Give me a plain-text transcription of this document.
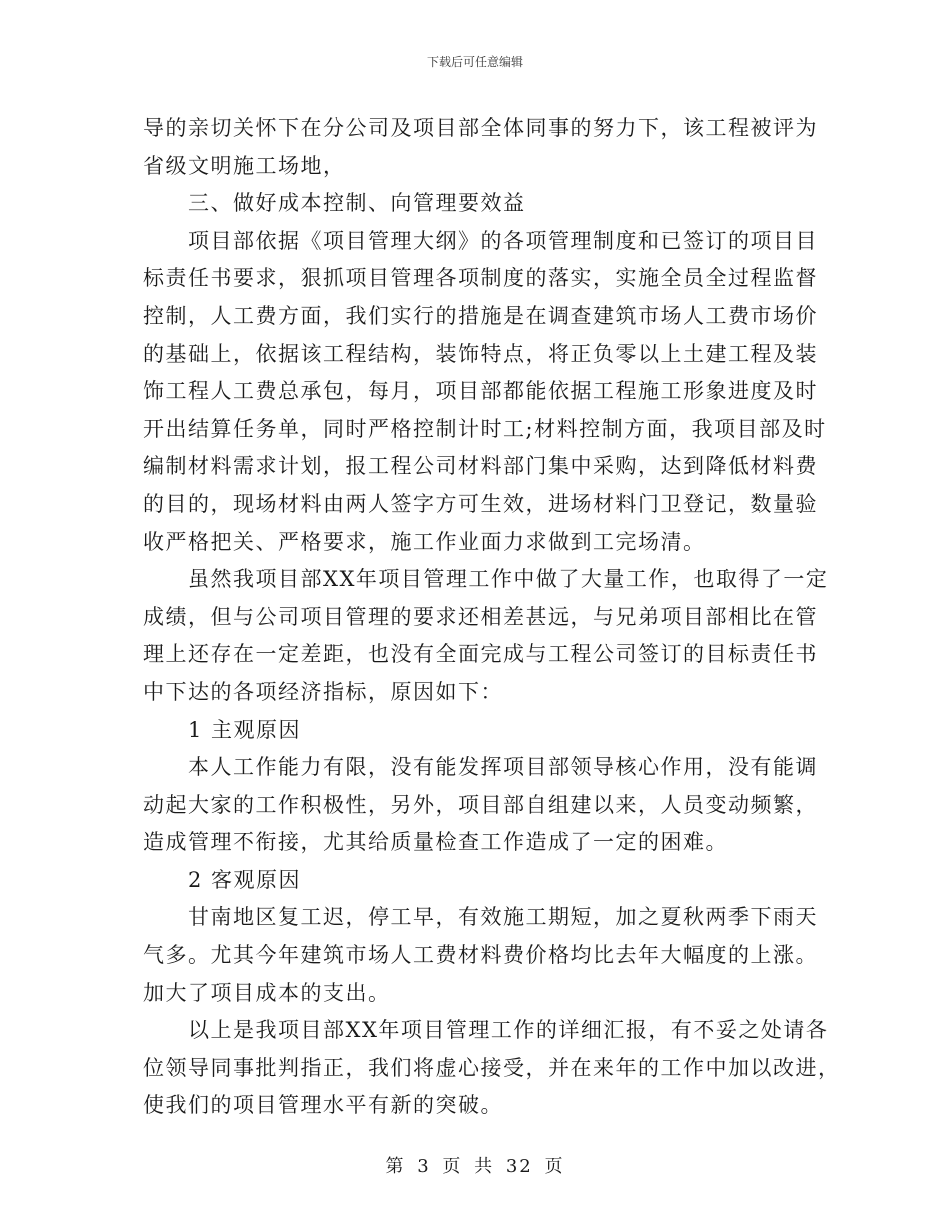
下载后可任意编辑
导的亲切关怀下在分公司及项目部全体同事的努力下，该工程被评为
省级文明施工场地，
三、做好成本控制、向管理要效益
项目部依据《项目管理大纲》的各项管理制度和已签订的项目目
标责任书要求，狠抓项目管理各项制度的落实，实施全员全过程监督
控制，人工费方面，我们实行的措施是在调查建筑市场人工费市场价
的基础上，依据该工程结构，装饰特点，将正负零以上土建工程及装
饰工程人工费总承包，每月，项目部都能依据工程施工形象进度及时
开出结算任务单，同时严格控制计时工;材料控制方面，我项目部及时
编制材料需求计划，报工程公司材料部门集中采购，达到降低材料费
的目的，现场材料由两人签字方可生效，进场材料门卫登记，数量验
收严格把关、严格要求，施工作业面力求做到工完场清。
虽然我项目部XX年项目管理工作中做了大量工作，也取得了一定
成绩，但与公司项目管理的要求还相差甚远，与兄弟项目部相比在管
理上还存在一定差距，也没有全面完成与工程公司签订的目标责任书
中下达的各项经济指标，原因如下：
1 主观原因
本人工作能力有限，没有能发挥项目部领导核心作用，没有能调
动起大家的工作积极性，另外，项目部自组建以来，人员变动频繁，
造成管理不衔接，尤其给质量检查工作造成了一定的困难。
2 客观原因
甘南地区复工迟，停工早，有效施工期短，加之夏秋两季下雨天
气多。尤其今年建筑市场人工费材料费价格均比去年大幅度的上涨。
加大了项目成本的支出。
以上是我项目部XX年项目管理工作的详细汇报，有不妥之处请各
位领导同事批判指正，我们将虚心接受，并在来年的工作中加以改进，
使我们的项目管理水平有新的突破。
第 3 页 共 32 页
